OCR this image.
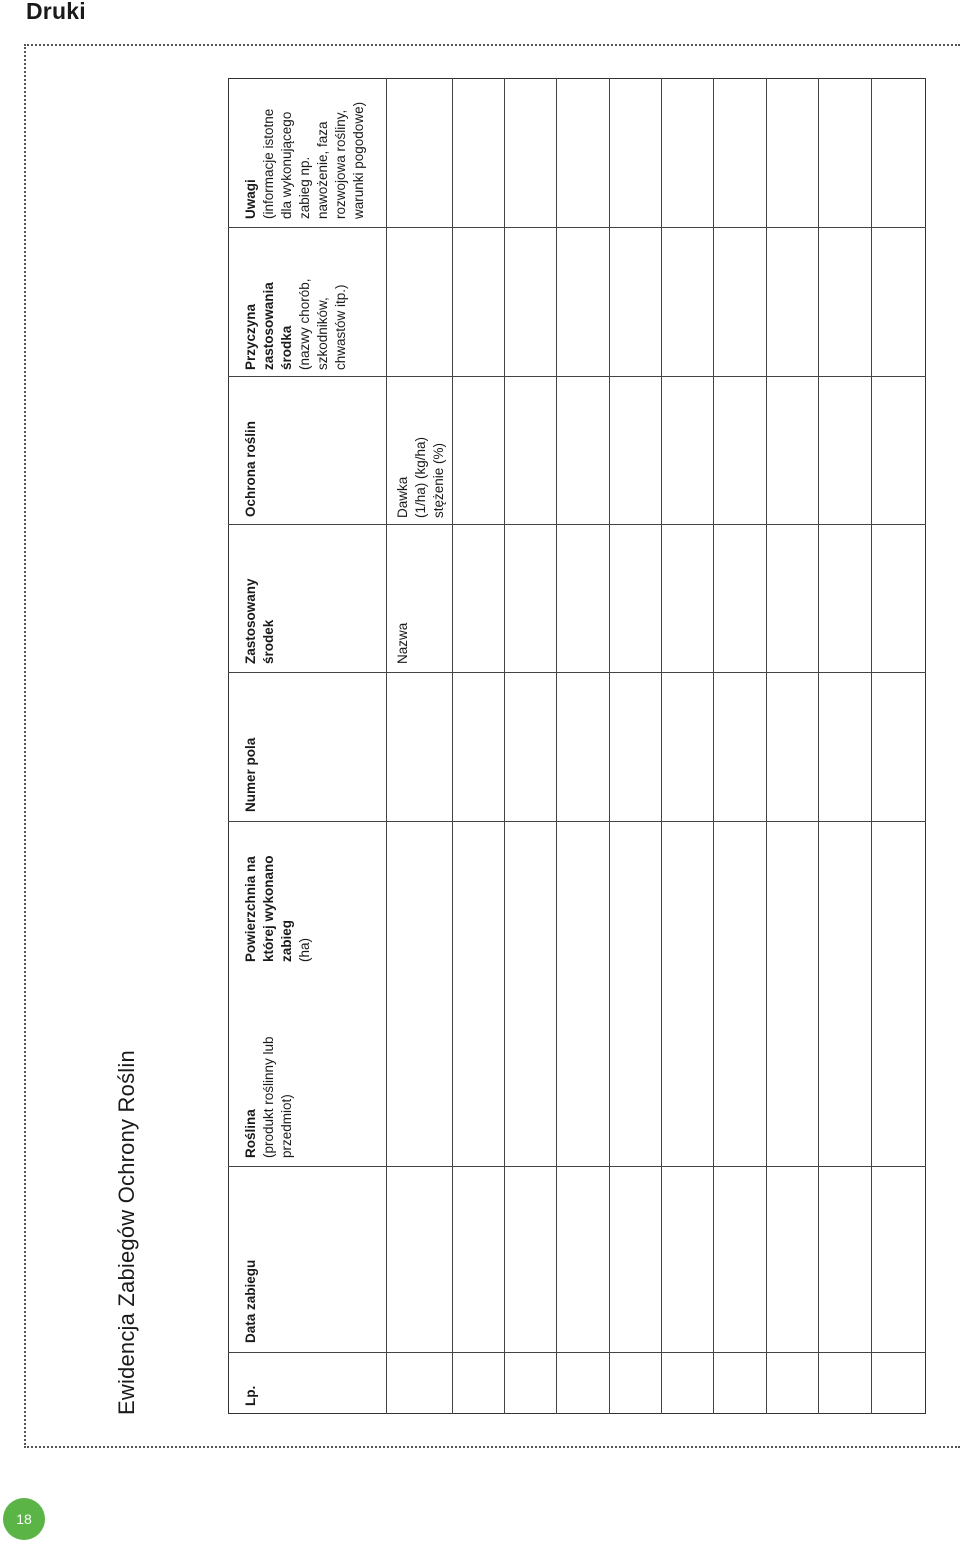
Druki
Ewidencja Zabiegów Ochrony Roślin	Lp.
Data zabiegu
Roślina (produkt roślinny lub przedmiot)
Powierzchnia na której wykonano zabieg (ha)
Numer pola
Zastosowany środek
Ochrona roślin
Przyczyna zastosowania środka (nazwy chorób, szkodników, chwastów itp.)
Uwagi (informacje istotne dla wykonującego zabieg np. nawożenie, faza rozwojowa rośliny, warunki pogodowe)
Nazwa
Dawka (1/ha) (kg/ha) stężenie (%)
18
